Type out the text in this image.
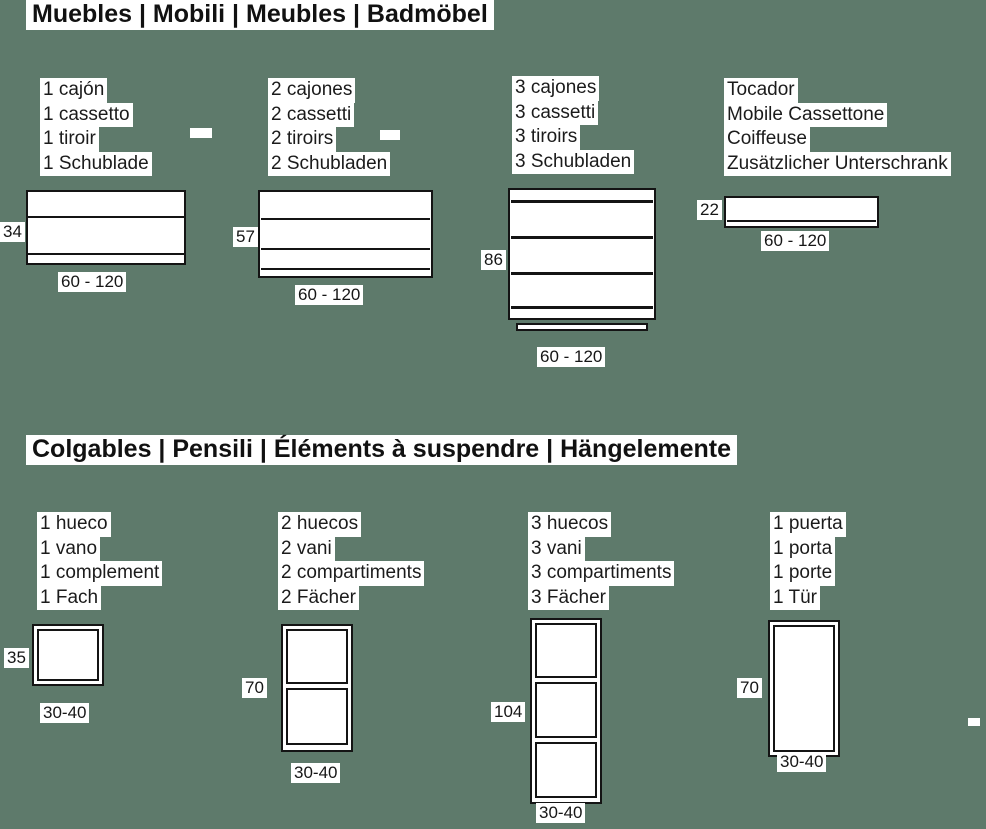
Muebles | Mobili | Meubles | Badmöbel
1 cajón
1 cassetto
1 tiroir
1 Schublade
34
60 - 120
2 cajones
2 cassetti
2 tiroirs
2 Schubladen
57
60 - 120
3 cajones
3 cassetti
3 tiroirs
3 Schubladen
86
60 - 120
Tocador
Mobile Cassettone
Coiffeuse
Zusätzlicher Unterschrank
22
60 - 120
Colgables | Pensili | Éléments à suspendre | Hängelemente
1 hueco
1 vano
1 complement
1 Fach
35
30-40
2 huecos
2 vani
2 compartiments
2 Fächer
70
30-40
3 huecos
3 vani
3 compartiments
3 Fächer
104
30-40
1 puerta
1 porta
1 porte
1 Tür
70
30-40
